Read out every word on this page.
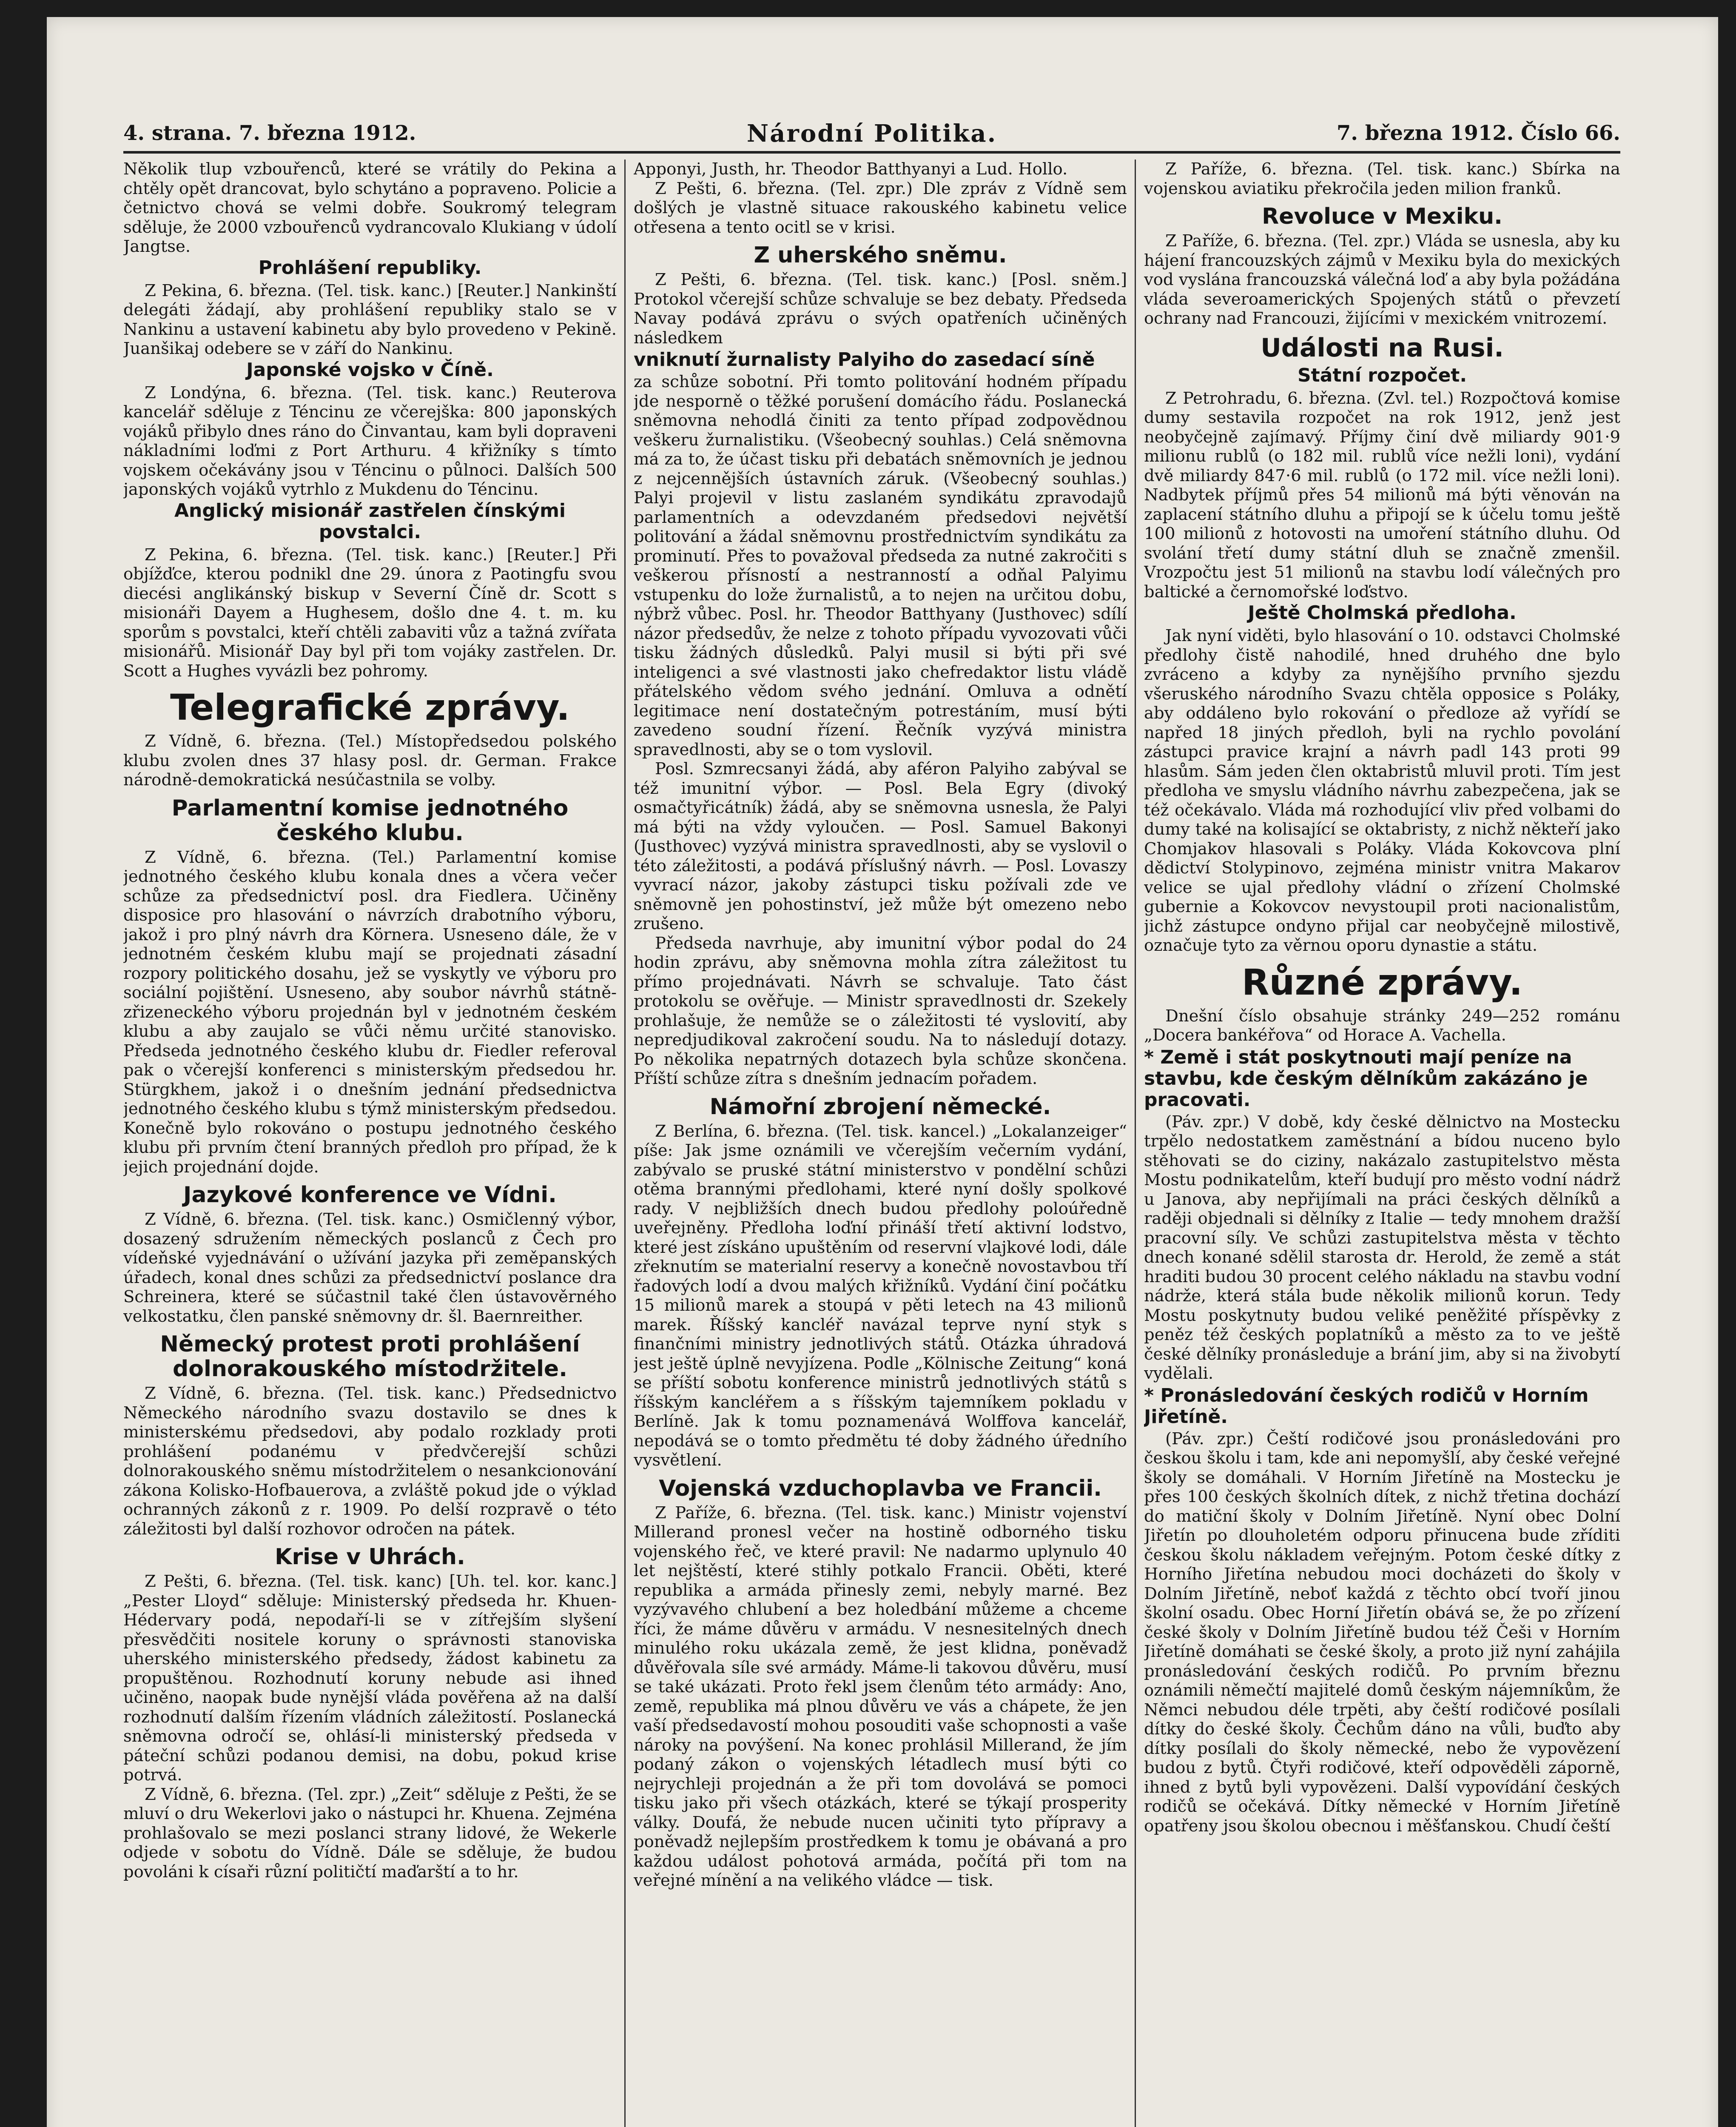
4. strana. 7. března 1912.	Národní Politika.	7. března 1912. Číslo 66.

Několik tlup vzbouřenců, které se vrátily do Pekina a chtěly opět drancovat, bylo schytáno a popraveno. Policie a četnictvo chová se velmi dobře. Soukromý telegram sděluje, že 2000 vzbouřenců vydrancovalo Klukiang v údolí Jangtse.

Prohlášení republiky.

Z Pekina, 6. března. (Tel. tisk. kanc.) [Reuter.] Nankinští delegáti žádají, aby prohlášení republiky stalo se v Nankinu a ustavení kabinetu aby bylo provedeno v Pekině. Juanšikaj odebere se v září do Nankinu.

Japonské vojsko v Číně.

Z Londýna, 6. března. (Tel. tisk. kanc.) Reuterova kancelář sděluje z Téncinu ze včerejška: 800 japonských vojáků přibylo dnes ráno do Činvantau, kam byli dopraveni nákladními loďmi z Port Arthuru. 4 křižníky s tímto vojskem očekávány jsou v Téncinu o půlnoci. Dalších 500 japonských vojáků vytrhlo z Mukdenu do Téncinu.

Anglický misionář zastřelen čínskými povstalci.

Z Pekina, 6. března. (Tel. tisk. kanc.) [Reuter.] Při objížďce, kterou podnikl dne 29. února z Paotingfu svou diecési anglikánský biskup v Severní Číně dr. Scott s misionáři Dayem a Hughesem, došlo dne 4. t. m. ku sporům s povstalci, kteří chtěli zabaviti vůz a tažná zvířata misionářů. Misionář Day byl při tom vojáky zastřelen. Dr. Scott a Hughes vyvázli bez pohromy.

Telegrafické zprávy.

Z Vídně, 6. března. (Tel.) Místopředsedou polského klubu zvolen dnes 37 hlasy posl. dr. German. Frakce národně-demokratická nesúčastnila se volby.

Parlamentní komise jednotného českého klubu.

Z Vídně, 6. března. (Tel.) Parlamentní komise jednotného českého klubu konala dnes a včera večer schůze za předsednictví posl. dra Fiedlera. Učiněny disposice pro hlasování o návrzích drabotního výboru, jakož i pro plný návrh dra Körnera. Usneseno dále, že v jednotném českém klubu mají se projednati zásadní rozpory politického dosahu, jež se vyskytly ve výboru pro sociální pojištění. Usneseno, aby soubor návrhů státně-zřizeneckého výboru projednán byl v jednotném českém klubu a aby zaujalo se vůči němu určité stanovisko. Předseda jednotného českého klubu dr. Fiedler referoval pak o včerejší konferenci s ministerským předsedou hr. Stürgkhem, jakož i o dnešním jednání předsednictva jednotného českého klubu s týmž ministerským předsedou. Konečně bylo rokováno o postupu jednotného českého klubu při prvním čtení branných předloh pro případ, že k jejich projednání dojde.

Jazykové konference ve Vídni.

Z Vídně, 6. března. (Tel. tisk. kanc.) Osmičlenný výbor, dosazený sdružením německých poslanců z Čech pro vídeňské vyjednávání o užívání jazyka při zeměpanských úřadech, konal dnes schůzi za předsednictví poslance dra Schreinera, které se súčastnil také člen ústavověrného velkostatku, člen panské sněmovny dr. šl. Baernreither.

Německý protest proti prohlášení dolnorakouského místodržitele.

Z Vídně, 6. března. (Tel. tisk. kanc.) Předsednictvo Německého národního svazu dostavilo se dnes k ministerskému předsedovi, aby podalo rozklady proti prohlášení podanému v předvčerejší schůzi dolnorakouského sněmu místodržitelem o nesankcionování zákona Kolisko-Hofbauerova, a zvláště pokud jde o výklad ochranných zákonů z r. 1909. Po delší rozpravě o této záležitosti byl další rozhovor odročen na pátek.

Krise v Uhrách.

Z Pešti, 6. března. (Tel. tisk. kanc) [Uh. tel. kor. kanc.] „Pester Lloyd“ sděluje: Ministerský předseda hr. Khuen-Hédervary podá, nepodaří-li se v zítřejším slyšení přesvědčiti nositele koruny o správnosti stanoviska uherského ministerského předsedy, žádost kabinetu za propuštěnou. Rozhodnutí koruny nebude asi ihned učiněno, naopak bude nynější vláda pověřena až na další rozhodnutí dalším řízením vládních záležitostí. Poslanecká sněmovna odročí se, ohlásí-li ministerský předseda v páteční schůzi podanou demisi, na dobu, pokud krise potrvá.

Z Vídně, 6. března. (Tel. zpr.) „Zeit“ sděluje z Pešti, že se mluví o dru Wekerlovi jako o nástupci hr. Khuena. Zejména prohlašovalo se mezi poslanci strany lidové, že Wekerle odjede v sobotu do Vídně. Dále se sděluje, že budou povoláni k císaři různí političtí maďarští a to hr.

Apponyi, Justh, hr. Theodor Batthyanyi a Lud. Hollo.

Z Pešti, 6. března. (Tel. zpr.) Dle zpráv z Vídně sem došlých je vlastně situace rakouského kabinetu velice otřesena a tento ocitl se v krisi.

Z uherského sněmu.

Z Pešti, 6. března. (Tel. tisk. kanc.) [Posl. sněm.] Protokol včerejší schůze schvaluje se bez debaty. Předseda Navay podává zprávu o svých opatřeních učiněných následkem

vniknutí žurnalisty Palyiho do zasedací síně

za schůze sobotní. Při tomto politování hodném případu jde nesporně o těžké porušení domácího řádu. Poslanecká sněmovna nehodlá činiti za tento případ zodpovědnou veškeru žurnalistiku. (Všeobecný souhlas.) Celá sněmovna má za to, že účast tisku při debatách sněmovních je jednou z nejcennějších ústavních záruk. (Všeobecný souhlas.) Palyi projevil v listu zaslaném syndikátu zpravodajů parlamentních a odevzdaném předsedovi největší politování a žádal sněmovnu prostřednictvím syndikátu za prominutí. Přes to považoval předseda za nutné zakročiti s veškerou přísností a nestranností a odňal Palyimu vstupenku do lože žurnalistů, a to nejen na určitou dobu, nýbrž vůbec. Posl. hr. Theodor Batthyany (Justhovec) sdílí názor předsedův, že nelze z tohoto případu vyvozovati vůči tisku žádných důsledků. Palyi musil si býti při své inteligenci a své vlastnosti jako chefredaktor listu vládě přátelského vědom svého jednání. Omluva a odnětí legitimace není dostatečným potrestáním, musí býti zavedeno soudní řízení. Řečník vyzývá ministra spravedlnosti, aby se o tom vyslovil.

Posl. Szmrecsanyi žádá, aby aféron Palyiho zabýval se též imunitní výbor. — Posl. Bela Egry (divoký osmačtyřicátník) žádá, aby se sněmovna usnesla, že Palyi má býti na vždy vyloučen. — Posl. Samuel Bakonyi (Justhovec) vyzývá ministra spravedlnosti, aby se vyslovil o této záležitosti, a podává příslušný návrh. — Posl. Lovaszy vyvrací názor, jakoby zástupci tisku požívali zde ve sněmovně jen pohostinství, jež může být omezeno nebo zrušeno.

Předseda navrhuje, aby imunitní výbor podal do 24 hodin zprávu, aby sněmovna mohla zítra záležitost tu přímo projednávati. Návrh se schvaluje. Tato část protokolu se ověřuje. — Ministr spravedlnosti dr. Szekely prohlašuje, že nemůže se o záležitosti té vyslovití, aby nepredjudikoval zakročení soudu. Na to následují dotazy. Po několika nepatrných dotazech byla schůze skončena. Příští schůze zítra s dnešním jednacím pořadem.

Námořní zbrojení německé.

Z Berlína, 6. března. (Tel. tisk. kancel.) „Lokalanzeiger“ píše: Jak jsme oznámili ve včerejším večerním vydání, zabývalo se pruské státní ministerstvo v pondělní schůzi otěma brannými předlohami, které nyní došly spolkové rady. V nejbližších dnech budou předlohy poloúředně uveřejněny. Předloha loďní přináší třetí aktivní lodstvo, které jest získáno upuštěním od reservní vlajkové lodi, dále zřeknutím se materialní reservy a konečně novostavbou tří řadových lodí a dvou malých křižníků. Vydání činí počátku 15 milionů marek a stoupá v pěti letech na 43 milionů marek. Říšský kancléř navázal teprve nyní styk s finančními ministry jednotlivých států. Otázka úhradová jest ještě úplně nevyjízena. Podle „Kölnische Zeitung“ koná se příští sobotu konference ministrů jednotlivých států s říšským kancléřem a s říšským tajemníkem pokladu v Berlíně. Jak k tomu poznamenává Wolffova kancelář, nepodává se o tomto předmětu té doby žádného úředního vysvětlení.

Vojenská vzduchoplavba ve Francii.

Z Paříže, 6. března. (Tel. tisk. kanc.) Ministr vojenství Millerand pronesl večer na hostině odborného tisku vojenského řeč, ve které pravil: Ne nadarmo uplynulo 40 let nejštěstí, které stihly potkalo Francii. Oběti, které republika a armáda přinesly zemi, nebyly marné. Bez vyzývavého chlubení a bez holedbání můžeme a chceme říci, že máme důvěru v armádu. V nesnesitelných dnech minulého roku ukázala země, že jest klidna, poněvadž důvěřovala síle své armády. Máme-li takovou důvěru, musí se také ukázati. Proto řekl jsem členům této armády: Ano, země, republika má plnou důvěru ve vás a chápete, že jen vaší předsedavostí mohou posouditi vaše schopnosti a vaše nároky na povýšení. Na konec prohlásil Millerand, že jím podaný zákon o vojenských létadlech musí býti co nejrychleji projednán a že při tom dovolává se pomoci tisku jako při všech otázkách, které se týkají prosperity války. Doufá, že nebude nucen učiniti tyto přípravy a poněvadž nejlepším prostředkem k tomu je obávaná a pro každou událost pohotová armáda, počítá při tom na veřejné mínění a na velikého vládce — tisk.

Z Paříže, 6. března. (Tel. tisk. kanc.) Sbírka na vojenskou aviatiku překročila jeden milion franků.

Revoluce v Mexiku.

Z Paříže, 6. března. (Tel. zpr.) Vláda se usnesla, aby ku hájení francouzských zájmů v Mexiku byla do mexických vod vyslána francouzská válečná loď a aby byla požádána vláda severoamerických Spojených států o převzetí ochrany nad Francouzi, žijícími v mexickém vnitrozemí.

Události na Rusi.
Státní rozpočet.

Z Petrohradu, 6. března. (Zvl. tel.) Rozpočtová komise dumy sestavila rozpočet na rok 1912, jenž jest neobyčejně zajímavý. Příjmy činí dvě miliardy 901·9 milionu rublů (o 182 mil. rublů více nežli loni), vydání dvě miliardy 847·6 mil. rublů (o 172 mil. více nežli loni). Nadbytek příjmů přes 54 milionů má býti věnován na zaplacení státního dluhu a připojí se k účelu tomu ještě 100 milionů z hotovosti na umoření státního dluhu. Od svolání třetí dumy státní dluh se značně zmenšil. Vrozpočtu jest 51 milionů na stavbu lodí válečných pro baltické a černomořské loďstvo.

Ještě Cholmská předloha.

Jak nyní viděti, bylo hlasování o 10. odstavci Cholmské předlohy čistě nahodilé, hned druhého dne bylo zvráceno a kdyby za nynějšího prvního sjezdu všeruského národního Svazu chtěla opposice s Poláky, aby oddáleno bylo rokování o předloze až vyřídí se napřed 18 jiných předloh, byli na rychlo povolání zástupci pravice krajní a návrh padl 143 proti 99 hlasům. Sám jeden člen oktabristů mluvil proti. Tím jest předloha ve smyslu vládního návrhu zabezpečena, jak se též očekávalo. Vláda má rozhodující vliv před volbami do dumy také na kolisající se oktabristy, z nichž někteří jako Chomjakov hlasovali s Poláky. Vláda Kokovcova plní dědictví Stolypinovo, zejména ministr vnitra Makarov velice se ujal předlohy vládní o zřízení Cholmské gubernie a Kokovcov nevystoupil proti nacionalistům, jichž zástupce ondyno přijal car neobyčejně milostivě, označuje tyto za věrnou oporu dynastie a státu.

Různé zprávy.

Dnešní číslo obsahuje stránky 249—252 románu „Docera bankéřova“ od Horace A. Vachella.

* Země i stát poskytnouti mají peníze na stavbu, kde českým dělníkům zakázáno je pracovati.

(Páv. zpr.) V době, kdy české dělnictvo na Mostecku trpělo nedostatkem zaměstnání a bídou nuceno bylo stěhovati se do ciziny, nakázalo zastupitelstvo města Mostu podnikatelům, kteří budují pro město vodní nádrž u Janova, aby nepřijímali na práci českých dělníků a raději objednali si dělníky z Italie — tedy mnohem dražší pracovní síly. Ve schůzi zastupitelstva města v těchto dnech konané sdělil starosta dr. Herold, že země a stát hraditi budou 30 procent celého nákladu na stavbu vodní nádrže, která stála bude několik milionů korun. Tedy Mostu poskytnuty budou veliké peněžité příspěvky z peněz též českých poplatníků a město za to ve ještě české dělníky pronásleduje a brání jim, aby si na živobytí vydělali.

* Pronásledování českých rodičů v Horním Jiřetíně.

(Páv. zpr.) Čeští rodičové jsou pronásledováni pro českou školu i tam, kde ani nepomyšlí, aby české veřejné školy se domáhali. V Horním Jiřetíně na Mostecku je přes 100 českých školních dítek, z nichž třetina dochází do matiční školy v Dolním Jiřetíně. Nyní obec Dolní Jiřetín po dlouholetém odporu přinucena bude zříditi českou školu nákladem veřejným. Potom české dítky z Horního Jiřetína nebudou moci docházeti do školy v Dolním Jiřetíně, neboť každá z těchto obcí tvoří jinou školní osadu. Obec Horní Jiřetín obává se, že po zřízení české školy v Dolním Jiřetíně budou též Češi v Horním Jiřetíně domáhati se české školy, a proto již nyní zahájila pronásledování českých rodičů. Po prvním březnu oznámili němečtí majitelé domů českým nájemníkům, že Němci nebudou déle trpěti, aby čeští rodičové posílali dítky do české školy. Čechům dáno na vůli, buďto aby dítky posílali do školy německé, nebo že vypovězení budou z bytů. Čtyři rodičové, kteří odpověděli záporně, ihned z bytů byli vypovězeni. Další vypovídání českých rodičů se očekává. Dítky německé v Horním Jiřetíně opatřeny jsou školou obecnou i měšťanskou. Chudí čeští
